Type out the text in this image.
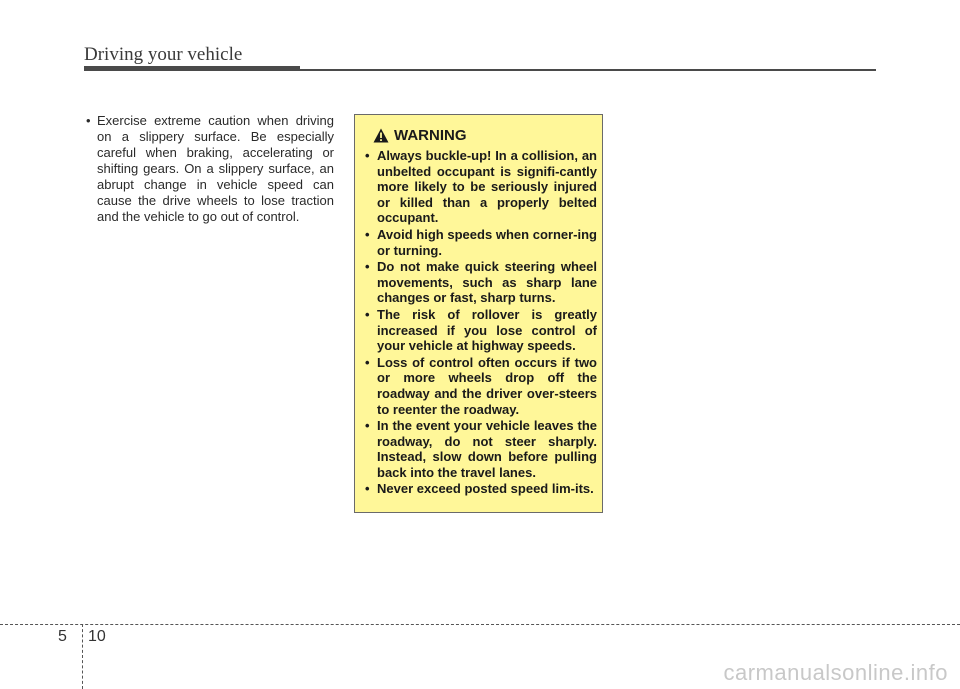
Driving your vehicle
• Exercise extreme caution when driving on a slippery surface. Be especially careful when braking, accelerating or shifting gears. On a slippery surface, an abrupt change in vehicle speed can cause the drive wheels to lose traction and the vehicle to go out of control.
WARNING
• Always buckle-up! In a collision, an unbelted occupant is signifi-cantly more likely to be seriously injured or killed than a properly belted occupant.
• Avoid high speeds when corner-ing or turning.
• Do not make quick steering wheel movements, such as sharp lane changes or fast, sharp turns.
• The risk of rollover is greatly increased if you lose control of your vehicle at highway speeds.
• Loss of control often occurs if two or more wheels drop off the roadway and the driver over-steers to reenter the roadway.
• In the event your vehicle leaves the roadway, do not steer sharply. Instead, slow down before pulling back into the travel lanes.
• Never exceed posted speed lim-its.
5 10
carmanualsonline.info
